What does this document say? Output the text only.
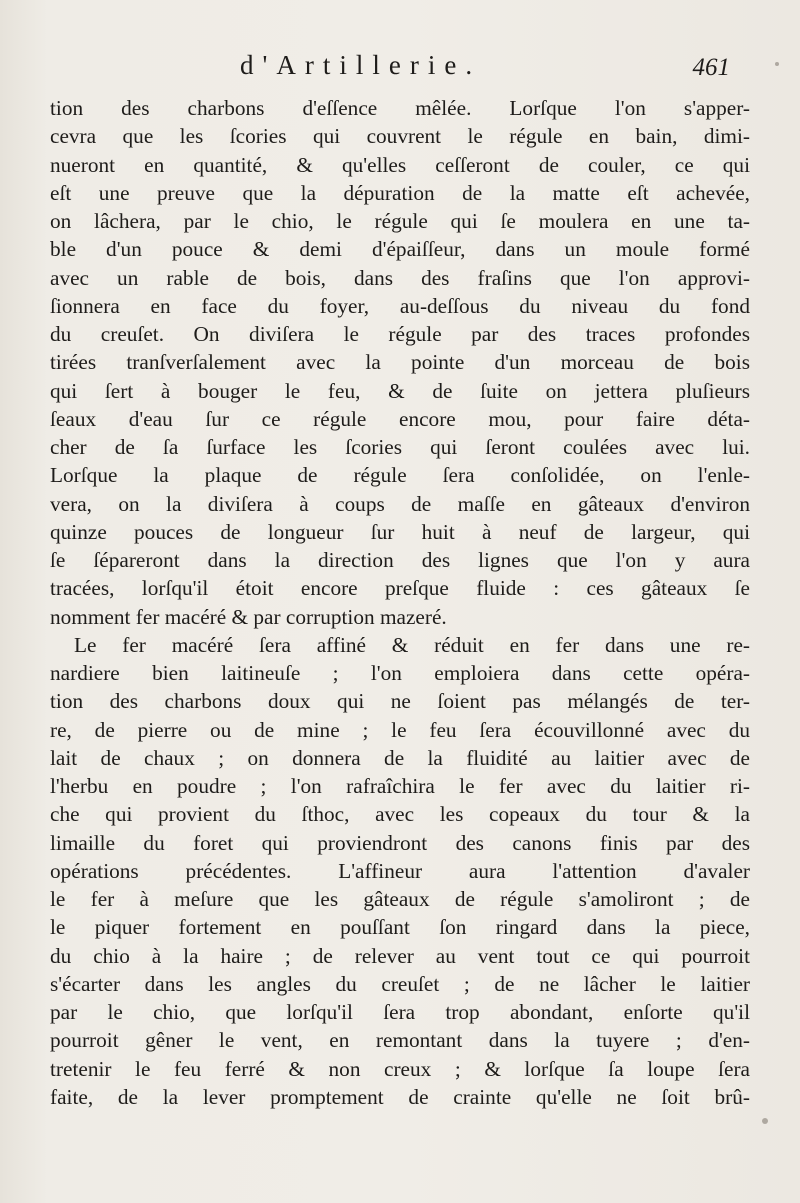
d'Artillerie.	461
tion des charbons d'eſſence mêlée. Lorſque l'on s'apper-
cevra que les ſcories qui couvrent le régule en bain, dimi-
nueront en quantité, & qu'elles ceſſeront de couler, ce qui
eſt une preuve que la dépuration de la matte eſt achevée,
on lâchera, par le chio, le régule qui ſe moulera en une ta-
ble d'un pouce & demi d'épaiſſeur, dans un moule formé
avec un rable de bois, dans des fraſins que l'on approvi-
ſionnera en face du foyer, au-deſſous du niveau du fond
du creuſet. On diviſera le régule par des traces profondes
tirées tranſverſalement avec la pointe d'un morceau de bois
qui ſert à bouger le feu, & de ſuite on jettera pluſieurs
ſeaux d'eau ſur ce régule encore mou, pour faire déta-
cher de ſa ſurface les ſcories qui ſeront coulées avec lui.
Lorſque la plaque de régule ſera conſolidée, on l'enle-
vera, on la diviſera à coups de maſſe en gâteaux d'environ
quinze pouces de longueur ſur huit à neuf de largeur, qui
ſe ſépareront dans la direction des lignes que l'on y aura
tracées, lorſqu'il étoit encore preſque fluide : ces gâteaux ſe
nomment fer macéré & par corruption mazeré.
Le fer macéré ſera affiné & réduit en fer dans une re-
nardiere bien laitineuſe ; l'on emploiera dans cette opéra-
tion des charbons doux qui ne ſoient pas mélangés de ter-
re, de pierre ou de mine ; le feu ſera écouvillonné avec du
lait de chaux ; on donnera de la fluidité au laitier avec de
l'herbu en poudre ; l'on rafraîchira le fer avec du laitier ri-
che qui provient du ſthoc, avec les copeaux du tour & la
limaille du foret qui proviendront des canons finis par des
opérations précédentes. L'affineur aura l'attention d'avaler
le fer à meſure que les gâteaux de régule s'amoliront ; de
le piquer fortement en pouſſant ſon ringard dans la piece,
du chio à la haire ; de relever au vent tout ce qui pourroit
s'écarter dans les angles du creuſet ; de ne lâcher le laitier
par le chio, que lorſqu'il ſera trop abondant, enſorte qu'il
pourroit gêner le vent, en remontant dans la tuyere ; d'en-
tretenir le feu ferré & non creux ; & lorſque ſa loupe ſera
faite, de la lever promptement de crainte qu'elle ne ſoit brû-
